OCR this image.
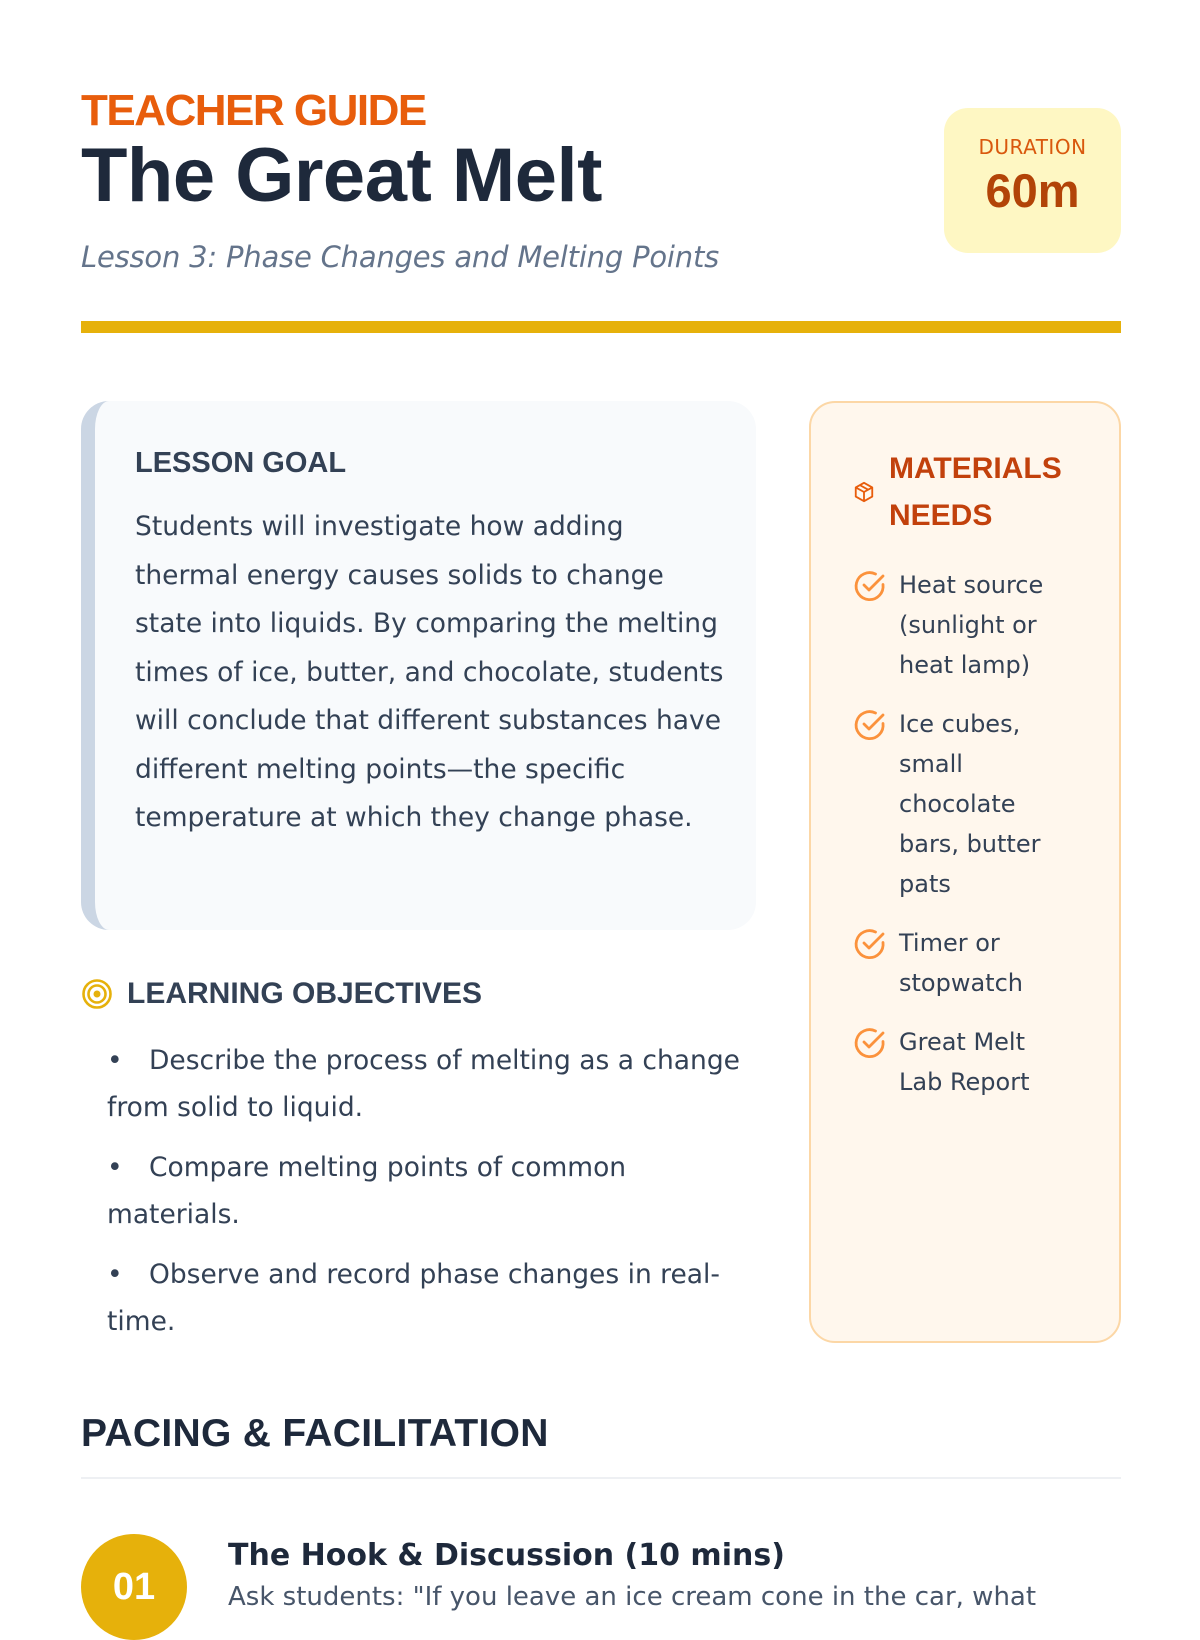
TEACHER GUIDE
The Great Melt
Lesson 3: Phase Changes and Melting Points
DURATION
60m
LESSON GOAL

Students will investigate how adding thermal energy causes solids to change state into liquids. By comparing the melting times of ice, butter, and chocolate, students will conclude that different substances have different melting points—the specific temperature at which they change phase.

LEARNING OBJECTIVES
• Describe the process of melting as a change from solid to liquid.
• Compare melting points of common materials.
• Observe and record phase changes in real-time.
MATERIALS NEEDS
Heat source (sunlight or heat lamp)
Ice cubes, small chocolate bars, butter pats
Timer or stopwatch
Great Melt Lab Report
PACING & FACILITATION
01
The Hook & Discussion (10 mins)
Ask students: "If you leave an ice cream cone in the car, what
